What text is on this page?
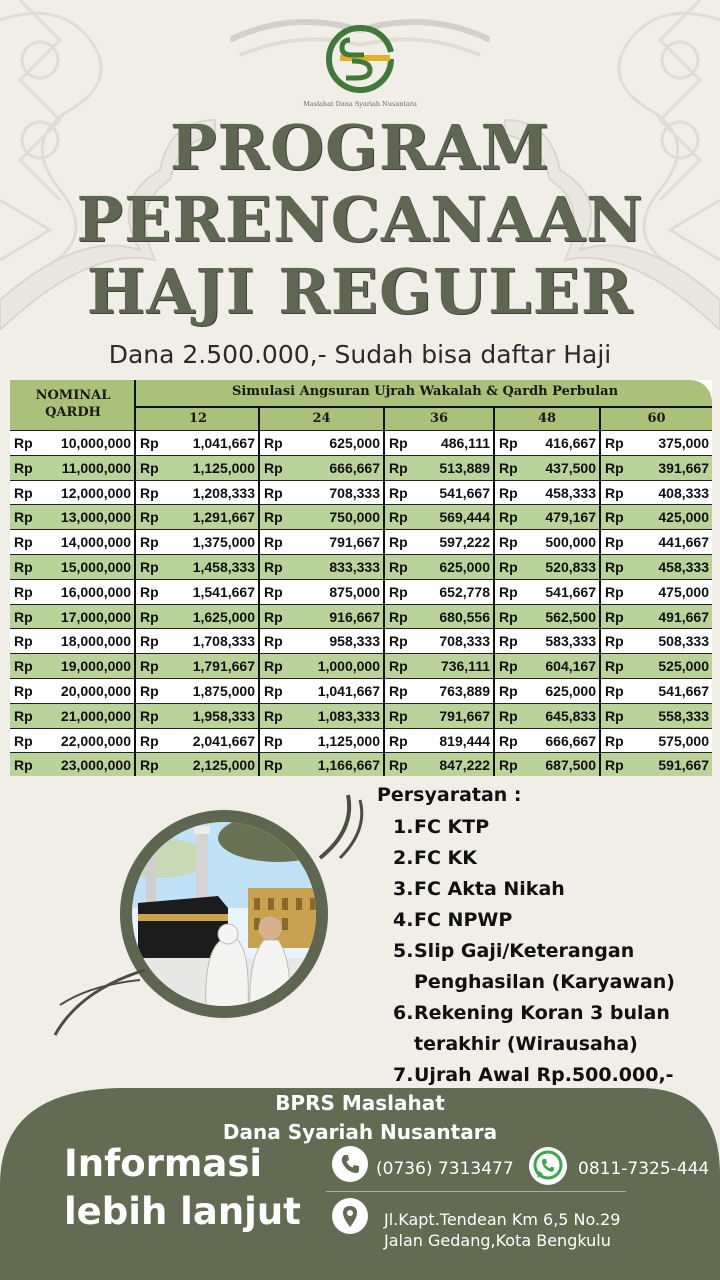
Maslahat Dana Syariah Nusantara
PROGRAM
PERENCANAAN
HAJI REGULER
Dana 2.500.000,- Sudah bisa daftar Haji
NOMINAL
QARDH
Simulasi Angsuran Ujrah Wakalah & Qardh Perbulan
12	24	36	48	60
Rp	10,000,000 Rp	1,041,667 Rp	625,000 Rp	486,111 Rp	416,667 Rp	375,000
Rp	11,000,000 Rp	1,125,000 Rp	666,667 Rp	513,889 Rp	437,500 Rp	391,667
Rp	12,000,000 Rp	1,208,333 Rp	708,333 Rp	541,667 Rp	458,333 Rp	408,333
Rp	13,000,000 Rp	1,291,667 Rp	750,000 Rp	569,444 Rp	479,167 Rp	425,000
Rp	14,000,000 Rp	1,375,000 Rp	791,667 Rp	597,222 Rp	500,000 Rp	441,667
Rp	15,000,000 Rp	1,458,333 Rp	833,333 Rp	625,000 Rp	520,833 Rp	458,333
Rp	16,000,000 Rp	1,541,667 Rp	875,000 Rp	652,778 Rp	541,667 Rp	475,000
Rp	17,000,000 Rp	1,625,000 Rp	916,667 Rp	680,556 Rp	562,500 Rp	491,667
Rp	18,000,000 Rp	1,708,333 Rp	958,333 Rp	708,333 Rp	583,333 Rp	508,333
Rp	19,000,000 Rp	1,791,667 Rp	1,000,000 Rp	736,111 Rp	604,167 Rp	525,000
Rp	20,000,000 Rp	1,875,000 Rp	1,041,667 Rp	763,889 Rp	625,000 Rp	541,667
Rp	21,000,000 Rp	1,958,333 Rp	1,083,333 Rp	791,667 Rp	645,833 Rp	558,333
Rp	22,000,000 Rp	2,041,667 Rp	1,125,000 Rp	819,444 Rp	666,667 Rp	575,000
Rp	23,000,000 Rp	2,125,000 Rp	1,166,667 Rp	847,222 Rp	687,500 Rp	591,667
Persyaratan :
1. FC KTP
2. FC KK
3. FC Akta Nikah
4. FC NPWP
5. Slip Gaji/Keterangan
Penghasilan (Karyawan)
6. Rekening Koran 3 bulan
terakhir (Wirausaha)
7. Ujrah Awal Rp.500.000,-
BPRS Maslahat
Dana Syariah Nusantara
Informasi
lebih lanjut
(0736) 7313477	0811-7325-444
Jl.Kapt.Tendean Km 6,5 No.29
Jalan Gedang,Kota Bengkulu
